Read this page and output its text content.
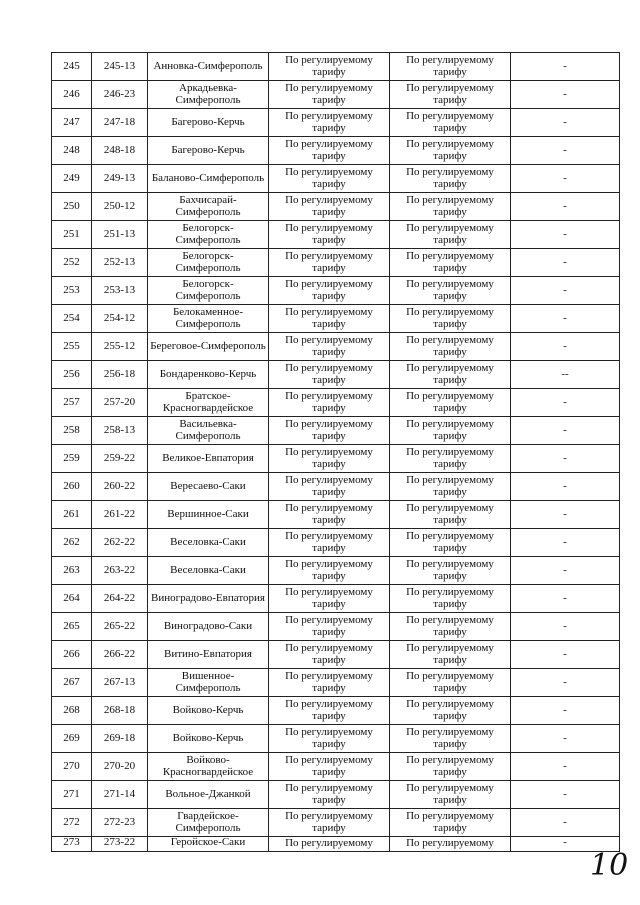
245	245-13	Анновка-Симферополь	По регулируемому тарифу	По регулируемому тарифу	-
246	246-23	Аркадьевка-Симферополь	По регулируемому тарифу	По регулируемому тарифу	-
247	247-18	Багерово-Керчь	По регулируемому тарифу	По регулируемому тарифу	-
248	248-18	Багерово-Керчь	По регулируемому тарифу	По регулируемому тарифу	-
249	249-13	Баланово-Симферополь	По регулируемому тарифу	По регулируемому тарифу	-
250	250-12	Бахчисарай-Симферополь	По регулируемому тарифу	По регулируемому тарифу	-
251	251-13	Белогорск-Симферополь	По регулируемому тарифу	По регулируемому тарифу	-
252	252-13	Белогорск-Симферополь	По регулируемому тарифу	По регулируемому тарифу	-
253	253-13	Белогорск-Симферополь	По регулируемому тарифу	По регулируемому тарифу	-
254	254-12	Белокаменное-Симферополь	По регулируемому тарифу	По регулируемому тарифу	-
255	255-12	Береговое-Симферополь	По регулируемому тарифу	По регулируемому тарифу	-
256	256-18	Бондаренково-Керчь	По регулируемому тарифу	По регулируемому тарифу	--
257	257-20	Братское-Красногвардейское	По регулируемому тарифу	По регулируемому тарифу	-
258	258-13	Васильевка-Симферополь	По регулируемому тарифу	По регулируемому тарифу	-
259	259-22	Великое-Евпатория	По регулируемому тарифу	По регулируемому тарифу	-
260	260-22	Вересаево-Саки	По регулируемому тарифу	По регулируемому тарифу	-
261	261-22	Вершинное-Саки	По регулируемому тарифу	По регулируемому тарифу	-
262	262-22	Веселовка-Саки	По регулируемому тарифу	По регулируемому тарифу	-
263	263-22	Веселовка-Саки	По регулируемому тарифу	По регулируемому тарифу	-
264	264-22	Виноградово-Евпатория	По регулируемому тарифу	По регулируемому тарифу	-
265	265-22	Виноградово-Саки	По регулируемому тарифу	По регулируемому тарифу	-
266	266-22	Витино-Евпатория	По регулируемому тарифу	По регулируемому тарифу	-
267	267-13	Вишенное-Симферополь	По регулируемому тарифу	По регулируемому тарифу	-
268	268-18	Войково-Керчь	По регулируемому тарифу	По регулируемому тарифу	-
269	269-18	Войково-Керчь	По регулируемому тарифу	По регулируемому тарифу	-
270	270-20	Войково-Красногвардейское	По регулируемому тарифу	По регулируемому тарифу	-
271	271-14	Вольное-Джанкой	По регулируемому тарифу	По регулируемому тарифу	-
272	272-23	Гвардейское-Симферополь	По регулируемому тарифу	По регулируемому тарифу	-
273	273-22	Геройское-Саки	По регулируемому	По регулируемому	-
10
